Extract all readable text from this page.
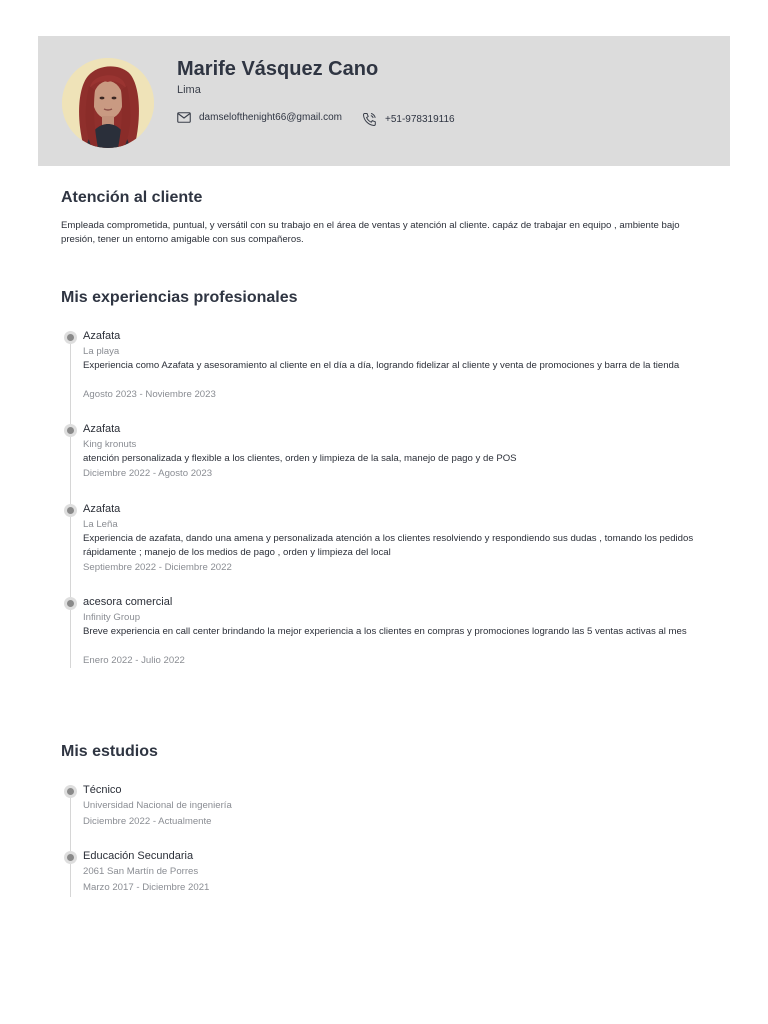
Marife Vásquez Cano
Lima
damselofthenight66@gmail.com	+51-978319116
Atención al cliente

Empleada comprometida, puntual, y versátil con su trabajo en el área de ventas y atención al cliente. capáz de trabajar en equipo , ambiente bajo presión, tener un entorno amigable con sus compañeros.

Mis experiencias profesionales
Azafata
La playa

Experiencia como Azafata y asesoramiento al cliente en el día a día, logrando fidelizar al cliente y venta de promociones y barra de la tienda

Agosto 2023 - Noviembre 2023
Azafata
King kronuts

atención personalizada y flexible a los clientes, orden y limpieza de la sala, manejo de pago y de POS

Diciembre 2022 - Agosto 2023
Azafata
La Leña

Experiencia de azafata, dando una amena y personalizada atención a los clientes resolviendo y respondiendo sus dudas , tomando los pedidos rápidamente ; manejo de los medios de pago , orden y limpieza del local

Septiembre 2022 - Diciembre 2022
acesora comercial
Infinity Group

Breve experiencia en call center brindando la mejor experiencia a los clientes en compras y promociones logrando las 5 ventas activas al mes

Enero 2022 - Julio 2022
Mis estudios
Técnico
Universidad Nacional de ingeniería
Diciembre 2022 - Actualmente
Educación Secundaria
2061 San Martín de Porres
Marzo 2017 - Diciembre 2021
